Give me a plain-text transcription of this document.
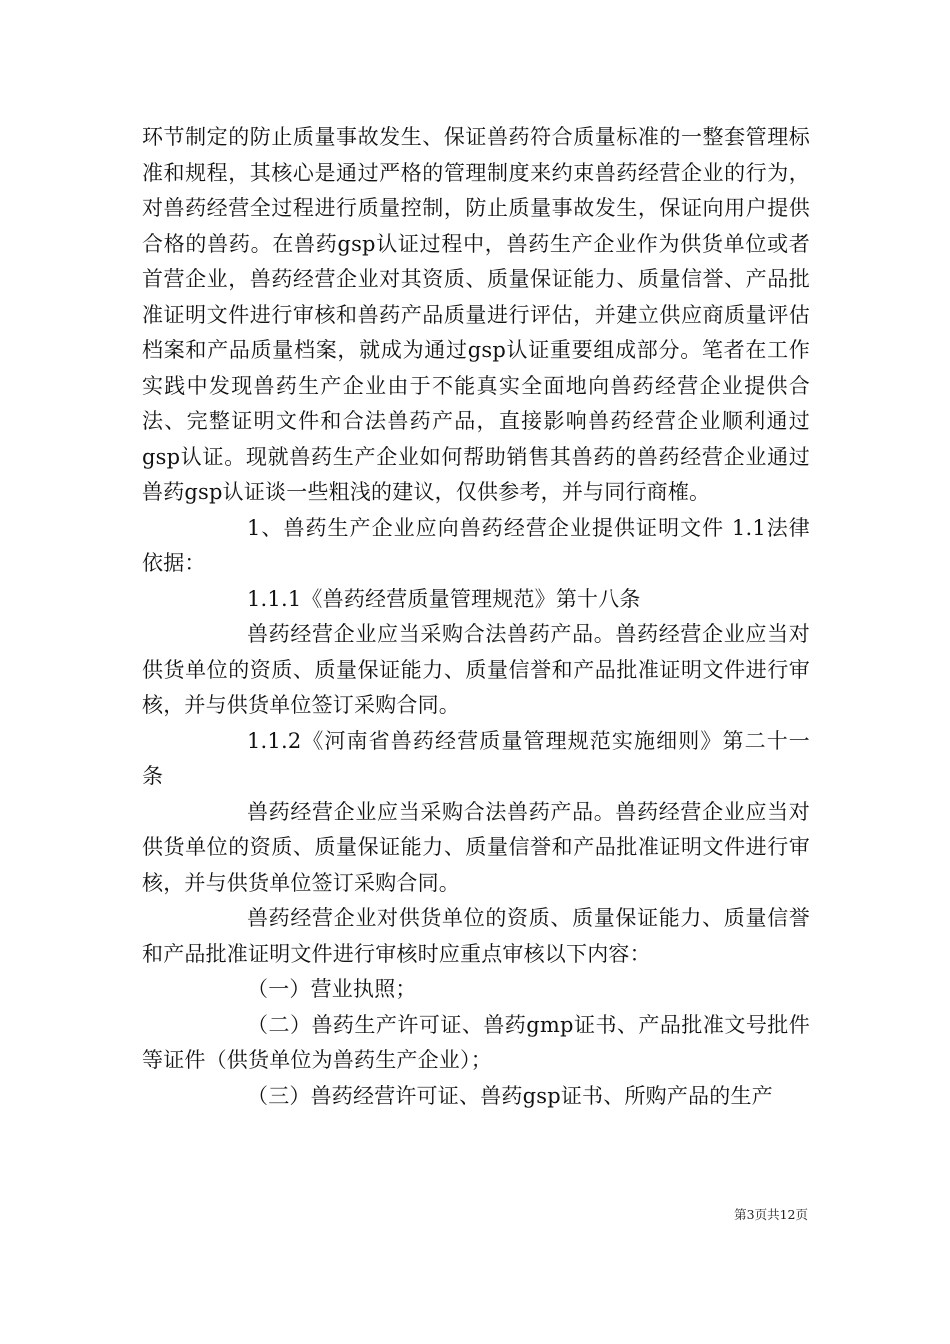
环节制定的防止质量事故发生、保证兽药符合质量标准的一整套管理标准和规程，其核心是通过严格的管理制度来约束兽药经营企业的行为，对兽药经营全过程进行质量控制，防止质量事故发生，保证向用户提供合格的兽药。在兽药gsp认证过程中，兽药生产企业作为供货单位或者首营企业，兽药经营企业对其资质、质量保证能力、质量信誉、产品批准证明文件进行审核和兽药产品质量进行评估，并建立供应商质量评估档案和产品质量档案，就成为通过gsp认证重要组成部分。笔者在工作实践中发现兽药生产企业由于不能真实全面地向兽药经营企业提供合法、完整证明文件和合法兽药产品，直接影响兽药经营企业顺利通过gsp认证。现就兽药生产企业如何帮助销售其兽药的兽药经营企业通过兽药gsp认证谈一些粗浅的建议，仅供参考，并与同行商榷。

1、兽药生产企业应向兽药经营企业提供证明文件 1.1法律依据：

1.1.1《兽药经营质量管理规范》第十八条

兽药经营企业应当采购合法兽药产品。兽药经营企业应当对供货单位的资质、质量保证能力、质量信誉和产品批准证明文件进行审核，并与供货单位签订采购合同。

1.1.2《河南省兽药经营质量管理规范实施细则》第二十一条

兽药经营企业应当采购合法兽药产品。兽药经营企业应当对供货单位的资质、质量保证能力、质量信誉和产品批准证明文件进行审核，并与供货单位签订采购合同。

兽药经营企业对供货单位的资质、质量保证能力、质量信誉和产品批准证明文件进行审核时应重点审核以下内容：

（一）营业执照；

（二）兽药生产许可证、兽药gmp证书、产品批准文号批件等证件（供货单位为兽药生产企业）；

（三）兽药经营许可证、兽药gsp证书、所购产品的生产

第3页共12页
